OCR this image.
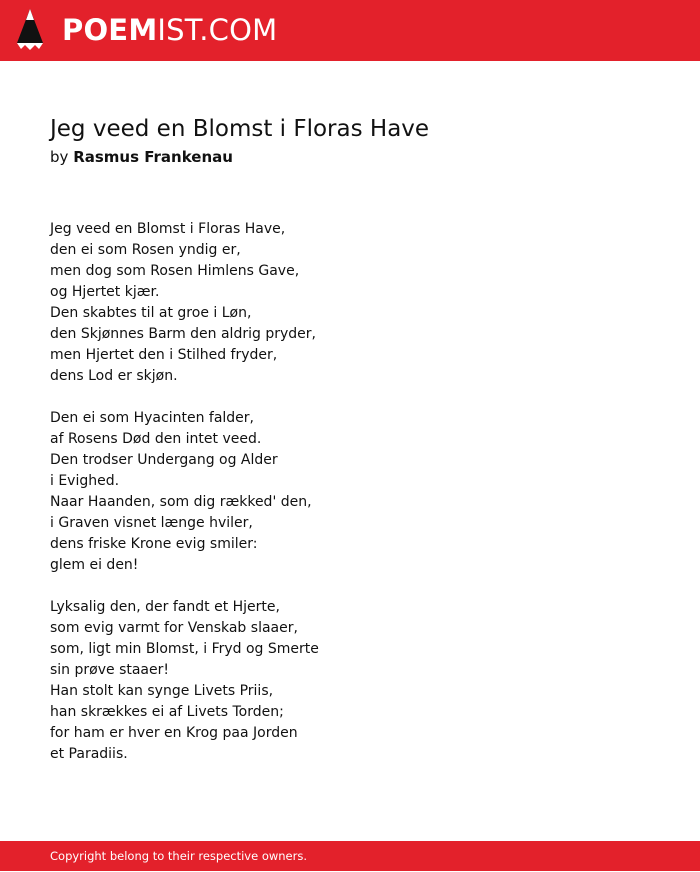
POEMIST.COM
Jeg veed en Blomst i Floras Have
by Rasmus Frankenau
Jeg veed en Blomst i Floras Have,
den ei som Rosen yndig er,
men dog som Rosen Himlens Gave,
og Hjertet kjær.
Den skabtes til at groe i Løn,
den Skjønnes Barm den aldrig pryder,
men Hjertet den i Stilhed fryder,
dens Lod er skjøn.
Den ei som Hyacinten falder,
af Rosens Død den intet veed.
Den trodser Undergang og Alder
i Evighed.
Naar Haanden, som dig rækked' den,
i Graven visnet længe hviler,
dens friske Krone evig smiler:
glem ei den!
Lyksalig den, der fandt et Hjerte,
som evig varmt for Venskab slaaer,
som, ligt min Blomst, i Fryd og Smerte
sin prøve staaer!
Han stolt kan synge Livets Priis,
han skrækkes ei af Livets Torden;
for ham er hver en Krog paa Jorden
et Paradiis.
Copyright belong to their respective owners.
